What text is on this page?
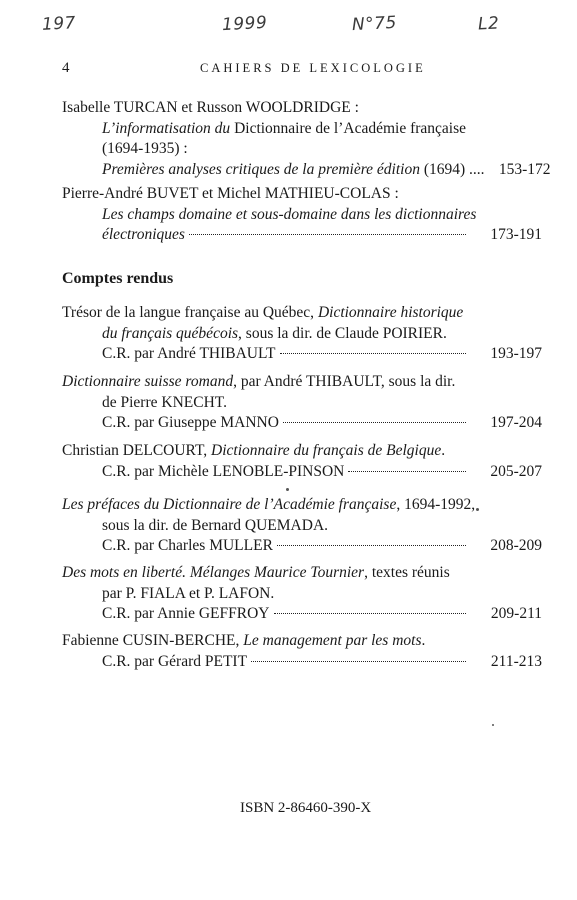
197	1999	N°75	L2
4	CAHIERS DE LEXICOLOGIE
Isabelle TURCAN et Russon WOOLDRIDGE :
L’informatisation du Dictionnaire de l’Académie française
(1694-1935) :
Premières analyses critiques de la première édition (1694) .... 153-172
Pierre-André BUVET et Michel MATHIEU-COLAS :
Les champs domaine et sous-domaine dans les dictionnaires
électroniques	173-191
Comptes rendus
Trésor de la langue française au Québec, Dictionnaire historique
du français québécois, sous la dir. de Claude POIRIER.
C.R. par André THIBAULT	193-197
Dictionnaire suisse romand, par André THIBAULT, sous la dir.
de Pierre KNECHT.
C.R. par Giuseppe MANNO	197-204
Christian DELCOURT, Dictionnaire du français de Belgique.
C.R. par Michèle LENOBLE-PINSON	205-207
Les préfaces du Dictionnaire de l’Académie française, 1694-1992,
sous la dir. de Bernard QUEMADA.
C.R. par Charles MULLER	208-209
Des mots en liberté. Mélanges Maurice Tournier, textes réunis
par P. FIALA et P. LAFON.
C.R. par Annie GEFFROY	209-211
Fabienne CUSIN-BERCHE, Le management par les mots.
C.R. par Gérard PETIT	211-213
ISBN 2-86460-390-X
